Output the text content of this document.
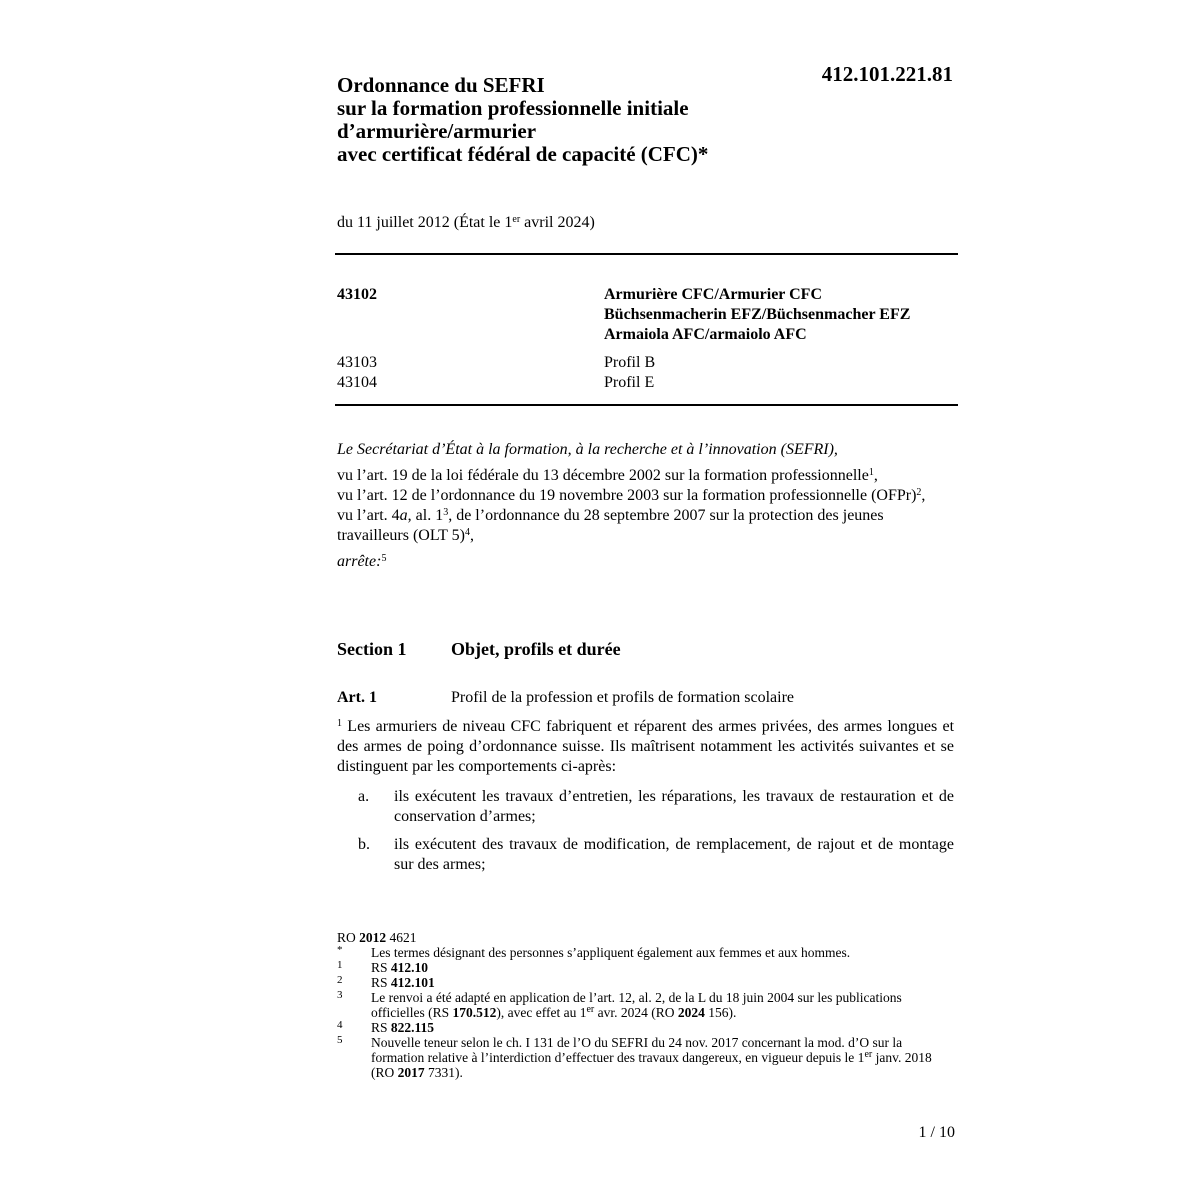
Ordonnance du SEFRI
sur la formation professionnelle initiale
d’armurière/armurier
avec certificat fédéral de capacité (CFC)*
412.101.221.81
du 11 juillet 2012 (État le 1er avril 2024)
43102	Armurière CFC/Armurier CFC
Büchsenmacherin EFZ/Büchsenmacher EFZ
Armaiola AFC/armaiolo AFC
43103	Profil B
43104	Profil E

Le Secrétariat d’État à la formation, à la recherche et à l’innovation (SEFRI),

vu l’art. 19 de la loi fédérale du 13 décembre 2002 sur la formation professionnelle$^1$,

vu l’art. 12 de l’ordonnance du 19 novembre 2003 sur la formation professionnelle (OFPr)$^2$,

vu l’art. 4a, al. 1$^3$, de l’ordonnance du 28 septembre 2007 sur la protection des jeunes travailleurs (OLT 5)$^4$,

arrête:$^5$

Section 1 Objet, profils et durée
Art. 1	Profil de la profession et profils de formation scolaire
$^1$ Les armuriers de niveau CFC fabriquent et réparent des armes privées, des armes longues et des armes de poing d’ordonnance suisse. Ils maîtrisent notamment les activités suivantes et se distinguent par les comportements ci-après:
a. ils exécutent les travaux d’entretien, les réparations, les travaux de restauration et de conservation d’armes;
b. ils exécutent des travaux de modification, de remplacement, de rajout et de montage sur des armes;
RO 2012 4621
* Les termes désignant des personnes s’appliquent également aux femmes et aux hommes.
1 RS 412.10
2 RS 412.101
3 Le renvoi a été adapté en application de l’art. 12, al. 2, de la L du 18 juin 2004 sur les publications officielles (RS 170.512), avec effet au 1er avr. 2024 (RO 2024 156).
4 RS 822.115
5 Nouvelle teneur selon le ch. I 131 de l’O du SEFRI du 24 nov. 2017 concernant la mod. d’O sur la formation relative à l’interdiction d’effectuer des travaux dangereux, en vigueur depuis le 1er janv. 2018 (RO 2017 7331).
1 / 10
